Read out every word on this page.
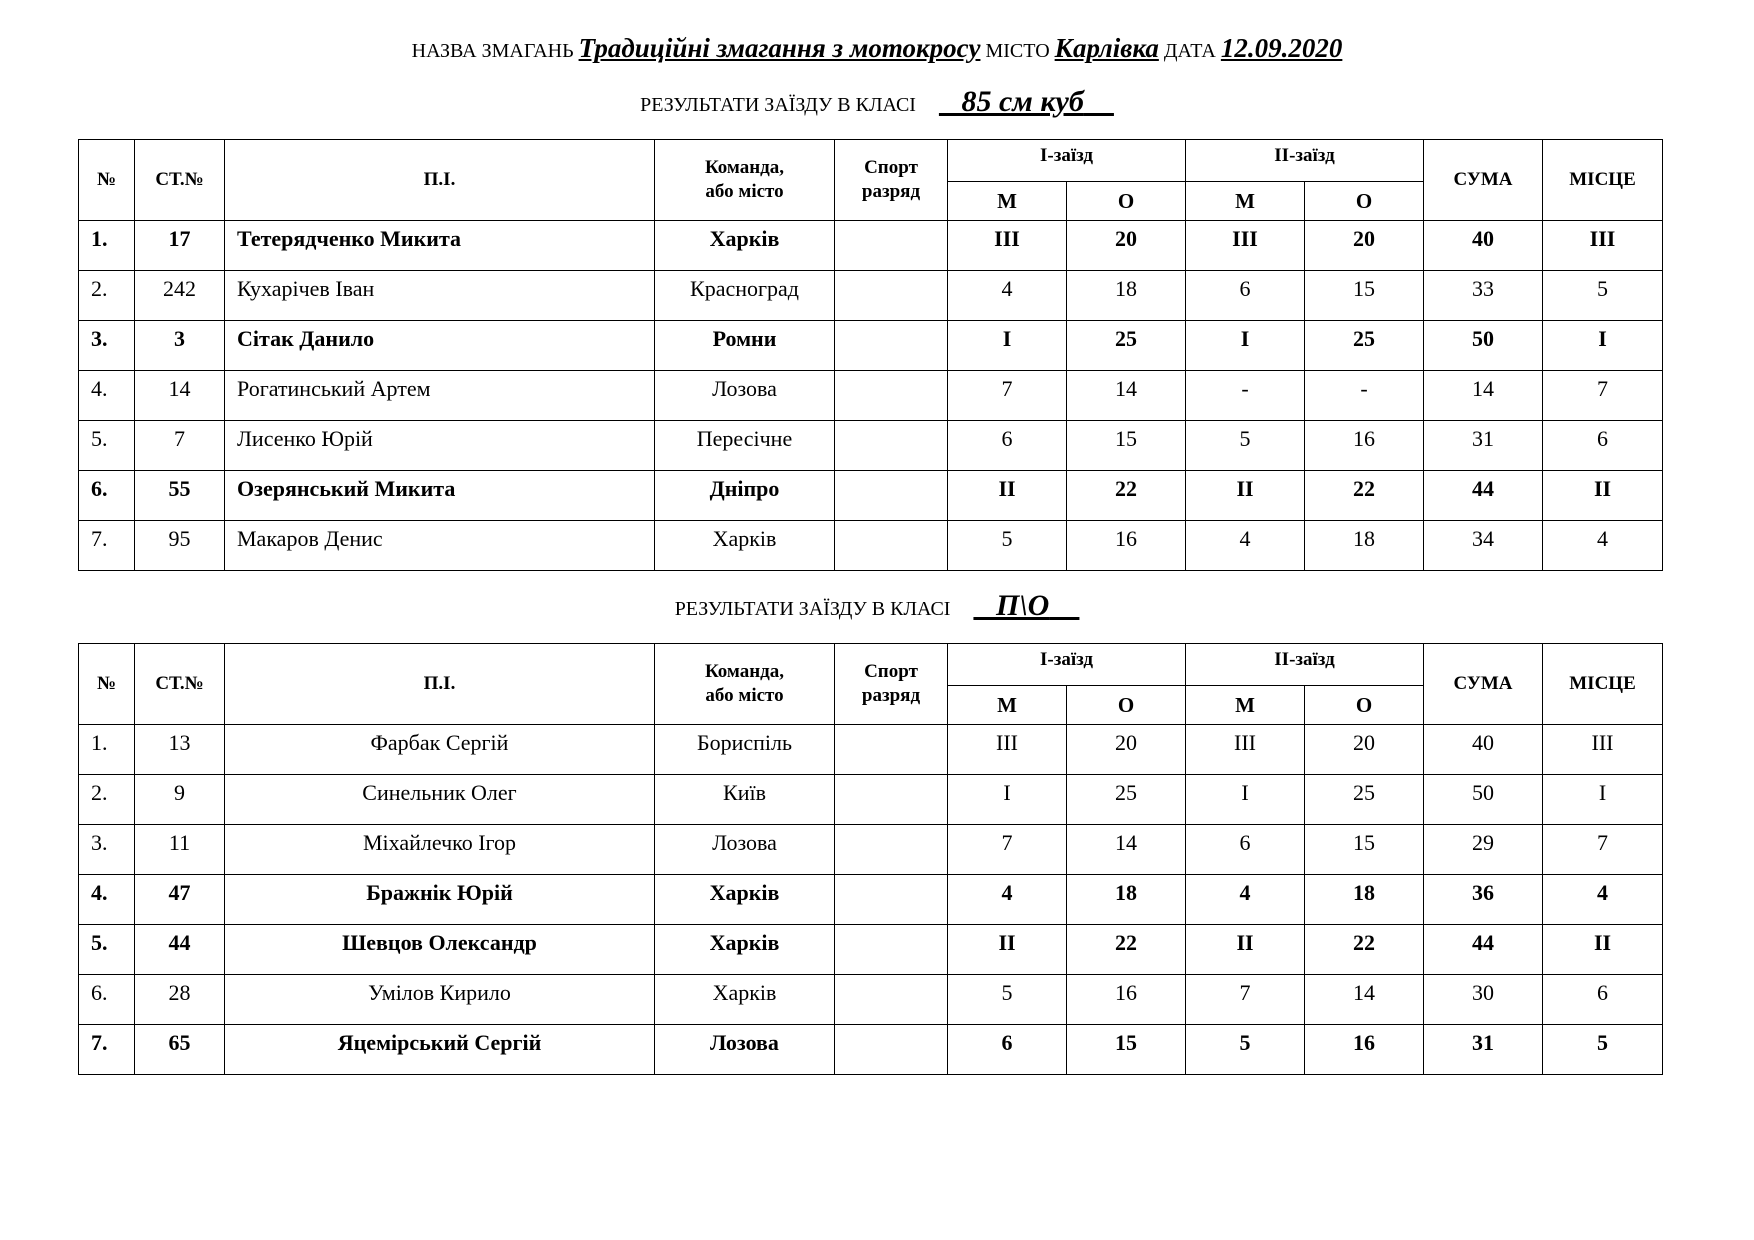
НАЗВА ЗМАГАНЬ Традиційні змагання з мотокросу МІСТО Карлівка ДАТА 12.09.2020
РЕЗУЛЬТАТИ ЗАЇЗДУ В КЛАСІ 85 см куб
№	СТ.№	П.І.	Команда,
або місто	Спорт
разряд	I-заїзд		II-заїзд		СУМА	МІСЦЕ
					М	О	М	О		
1.	17	Тетерядченко Микита	Харків		III	20	III	20	40	III
2.	242	Кухарічев Іван	Красноград		4	18	6	15	33	5
3.	3	Сітак Данило	Ромни		I	25	I	25	50	I
4.	14	Рогатинський Артем	Лозова		7	14	-	-	14	7
5.	7	Лисенко Юрій	Пересічне		6	15	5	16	31	6
6.	55	Озерянський Микита	Дніпро		II	22	II	22	44	II
7.	95	Макаров Денис	Харків		5	16	4	18	34	4
РЕЗУЛЬТАТИ ЗАЇЗДУ В КЛАСІ П\О
№	СТ.№	П.І.	Команда,
або місто	Спорт
разряд	I-заїзд		II-заїзд		СУМА	МІСЦЕ
					М	О	М	О		
1.	13	Фарбак Сергій	Бориспіль		III	20	III	20	40	III
2.	9	Синельник Олег	Київ		I	25	I	25	50	I
3.	11	Міхайлечко Ігор	Лозова		7	14	6	15	29	7
4.	47	Бражнік Юрій	Харків		4	18	4	18	36	4
5.	44	Шевцов Олександр	Харків		II	22	II	22	44	II
6.	28	Умілов Кирило	Харків		5	16	7	14	30	6
7.	65	Яцемірський Сергій	Лозова		6	15	5	16	31	5
